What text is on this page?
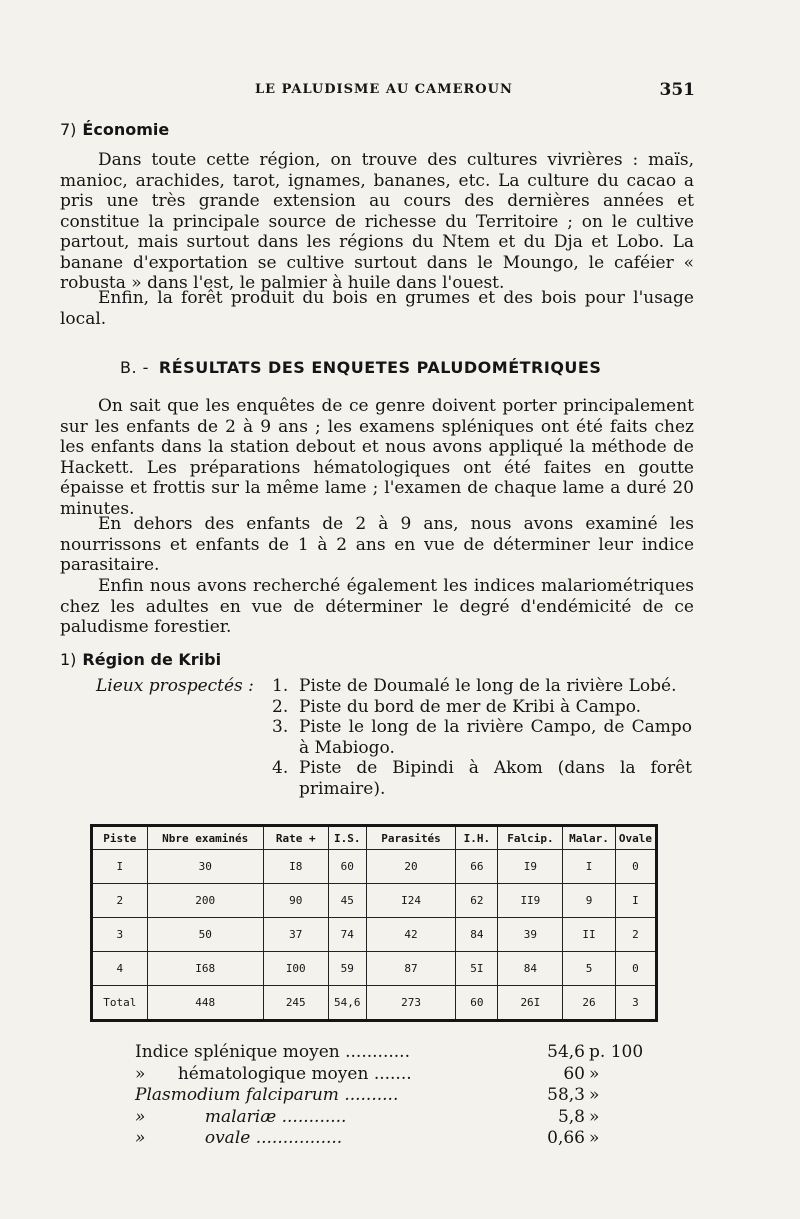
LE PALUDISME AU CAMEROUN	351
7) Économie

Dans toute cette région, on trouve des cultures vivrières : maïs, manioc, arachides, tarot, ignames, bananes, etc. La culture du cacao a pris une très grande extension au cours des dernières années et constitue la principale source de richesse du Territoire ; on le cultive partout, mais surtout dans les régions du Ntem et du Dja et Lobo. La banane d'exportation se cultive surtout dans le Moungo, le caféier « robusta » dans l'est, le palmier à huile dans l'ouest.

Enfin, la forêt produit du bois en grumes et des bois pour l'usage local.

B. - RÉSULTATS DES ENQUETES PALUDOMÉTRIQUES

On sait que les enquêtes de ce genre doivent porter principalement sur les enfants de 2 à 9 ans ; les examens spléniques ont été faits chez les enfants dans la station debout et nous avons appliqué la méthode de Hackett. Les préparations hématologiques ont été faites en goutte épaisse et frottis sur la même lame ; l'examen de chaque lame a duré 20 minutes.

En dehors des enfants de 2 à 9 ans, nous avons examiné les nourrissons et enfants de 1 à 2 ans en vue de déterminer leur indice parasitaire.

Enfin nous avons recherché également les indices malariométriques chez les adultes en vue de déterminer le degré d'endémicité de ce paludisme forestier.

1) Région de Kribi
Lieux prospectés : 1. Piste de Doumalé le long de la rivière Lobé.
2. Piste du bord de mer de Kribi à Campo.
3. Piste le long de la rivière Campo, de Campo à Mabiogo.
4. Piste de Bipindi à Akom (dans la forêt primaire).
Piste	Nbre examinés	Rate +	I.S.	Parasités	I.H.	Falcip.	Malar.	Ovale
I	30	I8	60	20	66	I9	I	0
2	200	90	45	I24	62	II9	9	I
3	50	37	74	42	84	39	II	2
4	I68	I00	59	87	5I	84	5	0
Total	448	245	54,6	273	60	26I	26	3
Indice splénique moyen ............	54,6 p. 100
»      hématologique moyen .......	60 »
Plasmodium falciparum ..........	58,3 »
»           malariæ ............	5,8 »
»           ovale ................	0,66 »
